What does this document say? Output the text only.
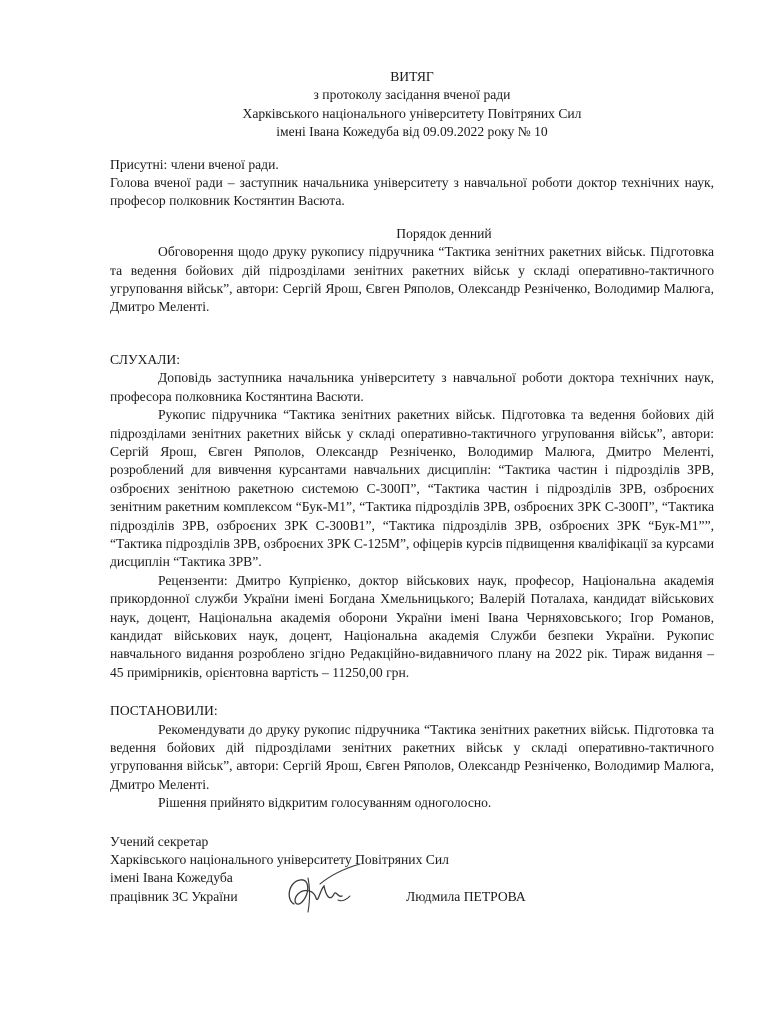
ВИТЯГ

з протоколу засідання вченої ради

Харківського національного університету Повітряних Сил

імені Івана Кожедуба від 09.09.2022 року № 10

Присутні: члени вченої ради.

Голова вченої ради – заступник начальника університету з навчальної роботи доктор технічних наук, професор полковник Костянтин Васюта.

Порядок денний

Обговорення щодо друку рукопису підручника “Тактика зенітних ракетних військ. Підготовка та ведення бойових дій підрозділами зенітних ракетних військ у складі оперативно-тактичного угруповання військ”, автори: Сергій Ярош, Євген Ряполов, Олександр Резніченко, Володимир Малюга, Дмитро Меленті.

СЛУХАЛИ:

Доповідь заступника начальника університету з навчальної роботи доктора технічних наук, професора полковника Костянтина Васюти.

Рукопис підручника “Тактика зенітних ракетних військ. Підготовка та ведення бойових дій підрозділами зенітних ракетних військ у складі оперативно-тактичного угруповання військ”, автори: Сергій Ярош, Євген Ряполов, Олександр Резніченко, Володимир Малюга, Дмитро Меленті, розроблений для вивчення курсантами навчальних дисциплін: “Тактика частин і підрозділів ЗРВ, озброєних зенітною ракетною системою С-300П”, “Тактика частин і підрозділів ЗРВ, озброєних зенітним ракетним комплексом “Бук-М1”, “Тактика підрозділів ЗРВ, озброєних ЗРК С-300П”, “Тактика підрозділів ЗРВ, озброєних ЗРК С-300В1”, “Тактика підрозділів ЗРВ, озброєних ЗРК “Бук-М1””, “Тактика підрозділів ЗРВ, озброєних ЗРК С-125М”, офіцерів курсів підвищення кваліфікації за курсами дисциплін “Тактика ЗРВ”.

Рецензенти: Дмитро Купрієнко, доктор військових наук, професор, Національна академія прикордонної служби України імені Богдана Хмельницького; Валерій Поталаха, кандидат військових наук, доцент, Національна академія оборони України імені Івана Черняховського; Ігор Романов, кандидат військових наук, доцент, Національна академія Служби безпеки України. Рукопис навчального видання розроблено згідно Редакційно-видавничого плану на 2022 рік. Тираж видання – 45 примірників, орієнтовна вартість – 11250,00 грн.

ПОСТАНОВИЛИ:

Рекомендувати до друку рукопис підручника “Тактика зенітних ракетних військ. Підготовка та ведення бойових дій підрозділами зенітних ракетних військ у складі оперативно-тактичного угруповання військ”, автори: Сергій Ярош, Євген Ряполов, Олександр Резніченко, Володимир Малюга, Дмитро Меленті.

Рішення прийнято відкритим голосуванням одноголосно.

Учений секретар

Харківського національного університету Повітряних Сил

імені Івана Кожедуба

працівник ЗС України	Людмила ПЕТРОВА
